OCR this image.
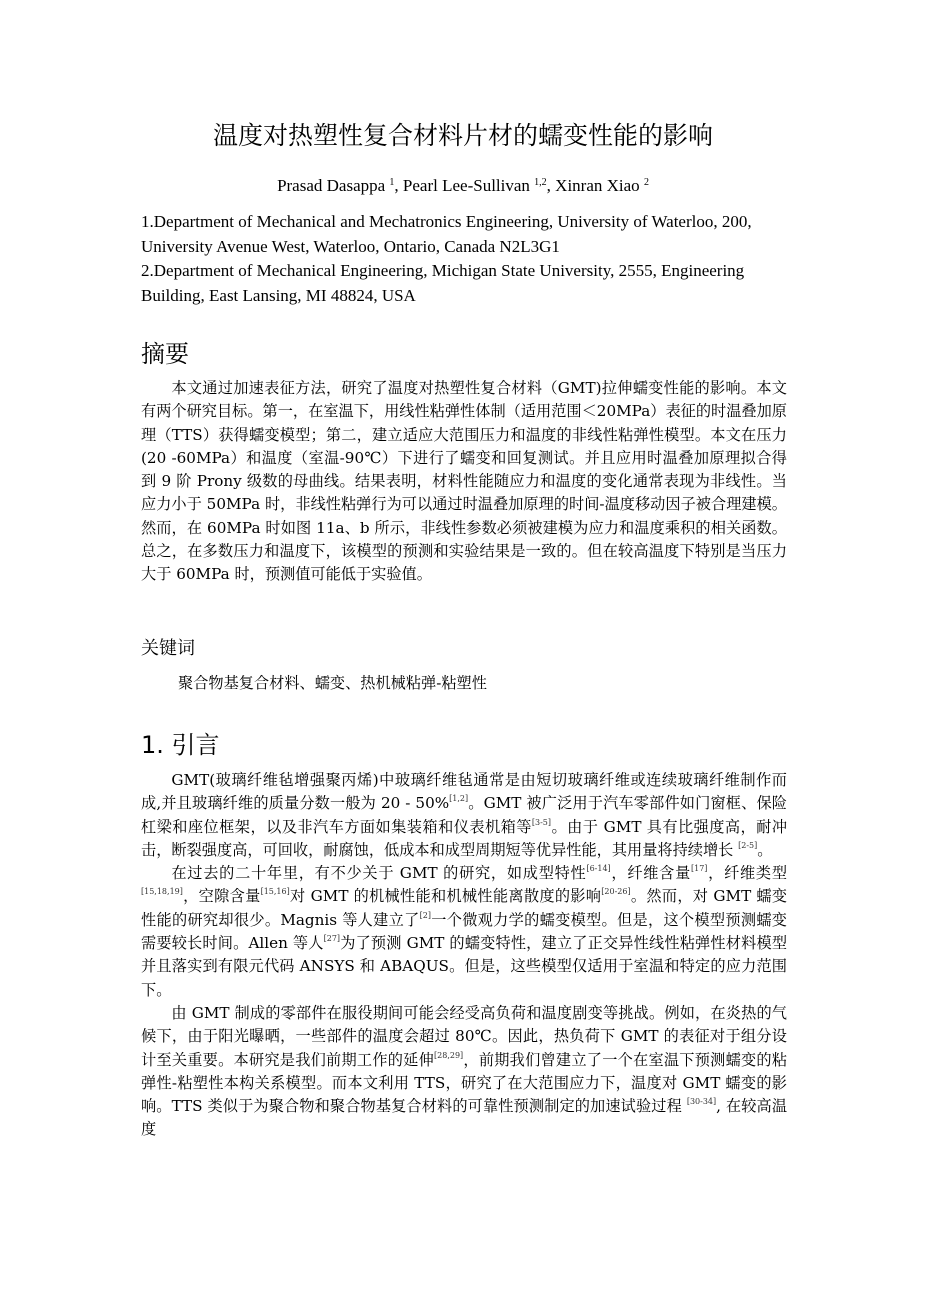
温度对热塑性复合材料片材的蠕变性能的影响
Prasad Dasappa $^1$, Pearl Lee-Sullivan $^{1,2}$, Xinran Xiao $^2$

1.Department of Mechanical and Mechatronics Engineering, University of Waterloo, 200, University Avenue West, Waterloo, Ontario, Canada N2L3G1

2.Department of Mechanical Engineering, Michigan State University, 2555, Engineering Building, East Lansing, MI 48824, USA

摘要

本文通过加速表征方法，研究了温度对热塑性复合材料（GMT)拉伸蠕变性能的影响。本文有两个研究目标。第一，在室温下，用线性粘弹性体制（适用范围＜20MPa）表征的时温叠加原理（TTS）获得蠕变模型；第二，建立适应大范围压力和温度的非线性粘弹性模型。本文在压力(20 -60MPa）和温度（室温-90℃）下进行了蠕变和回复测试。并且应用时温叠加原理拟合得到 9 阶 Prony 级数的母曲线。结果表明，材料性能随应力和温度的变化通常表现为非线性。当应力小于 50MPa 时，非线性粘弹行为可以通过时温叠加原理的时间-温度移动因子被合理建模。然而，在 60MPa 时如图 11a、b 所示，非线性参数必须被建模为应力和温度乘积的相关函数。总之，在多数压力和温度下，该模型的预测和实验结果是一致的。但在较高温度下特别是当压力大于 60MPa 时，预测值可能低于实验值。

关键词
聚合物基复合材料、蠕变、热机械粘弹-粘塑性
1. 引言

GMT(玻璃纤维毡增强聚丙烯)中玻璃纤维毡通常是由短切玻璃纤维或连续玻璃纤维制作而成,并且玻璃纤维的质量分数一般为 20 - 50%[1,2]。GMT 被广泛用于汽车零部件如门窗框、保险杠梁和座位框架，以及非汽车方面如集装箱和仪表机箱等[3-5]。由于 GMT 具有比强度高，耐冲击，断裂强度高，可回收，耐腐蚀，低成本和成型周期短等优异性能，其用量将持续增长 [2-5]。

在过去的二十年里，有不少关于 GMT 的研究，如成型特性[6-14]，纤维含量[17]，纤维类型[15,18,19]，空隙含量[15,16]对 GMT 的机械性能和机械性能离散度的影响[20-26]。然而，对 GMT 蠕变性能的研究却很少。Magnis 等人建立了[2]一个微观力学的蠕变模型。但是，这个模型预测蠕变需要较长时间。Allen 等人[27]为了预测 GMT 的蠕变特性，建立了正交异性线性粘弹性材料模型并且落实到有限元代码 ANSYS 和 ABAQUS。但是，这些模型仅适用于室温和特定的应力范围下。

由 GMT 制成的零部件在服役期间可能会经受高负荷和温度剧变等挑战。例如，在炎热的气候下，由于阳光曝晒，一些部件的温度会超过 80℃。因此，热负荷下 GMT 的表征对于组分设计至关重要。本研究是我们前期工作的延伸[28,29]，前期我们曾建立了一个在室温下预测蠕变的粘弹性-粘塑性本构关系模型。而本文利用 TTS，研究了在大范围应力下，温度对 GMT 蠕变的影响。TTS 类似于为聚合物和聚合物基复合材料的可靠性预测制定的加速试验过程 [30-34], 在较高温度
